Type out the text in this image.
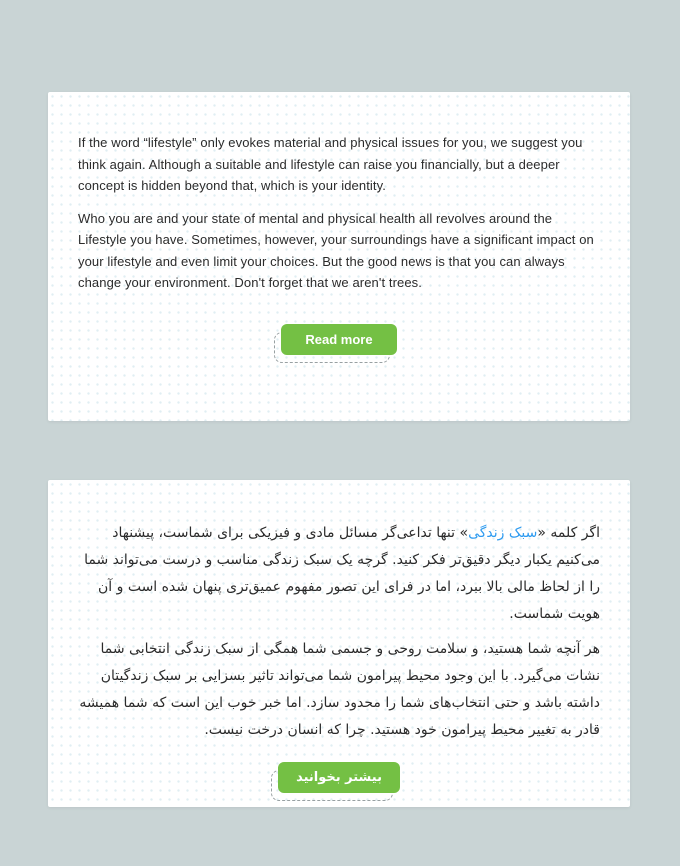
If the word “lifestyle” only evokes material and physical issues for you, we suggest you think again. Although a suitable and lifestyle can raise you financially, but a deeper concept is hidden beyond that, which is your identity.

Who you are and your state of mental and physical health all revolves around the Lifestyle you have. Sometimes, however, your surroundings have a significant impact on your lifestyle and even limit your choices. But the good news is that you can always change your environment. Don't forget that we aren't trees.

Read more

اگر کلمه «سبک زندگی» تنها تداعی‌گر مسائل مادی و فیزیکی برای شماست، پیشنهاد می‌کنیم یکبار دیگر دقیق‌تر فکر کنید. گرچه یک سبک زندگی مناسب و درست می‌تواند شما را از لحاظ مالی بالا ببرد، اما در فرای این تصور مفهوم عمیق‌تری پنهان شده است و آن هویت شماست.

هر آنچه شما هستید، و سلامت روحی و جسمی شما همگی از سبک زندگی انتخابی شما نشات می‌گیرد. با این وجود محیط پیرامون شما می‌تواند تاثیر بسزایی بر سبک زندگیتان داشته باشد و حتی انتخاب‌های شما را محدود سازد. اما خبر خوب این است که شما همیشه قادر به تغییر محیط پیرامون خود هستید. چرا که انسان درخت نیست.

بیشتر بخوانید
